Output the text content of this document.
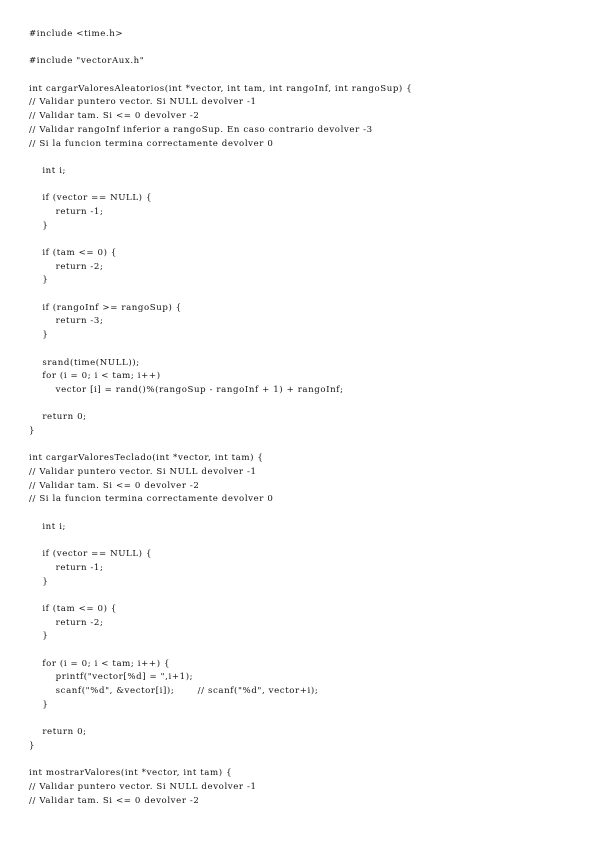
#include <time.h>
#include "vectorAux.h"
int cargarValoresAleatorios(int *vector, int tam, int rangoInf, int rangoSup) {
// Validar puntero vector. Si NULL devolver -1
// Validar tam. Si <= 0 devolver -2
// Validar rangoInf inferior a rangoSup. En caso contrario devolver -3
// Si la funcion termina correctamente devolver 0
int i;
if (vector == NULL) {
return -1;
}
if (tam <= 0) {
return -2;
}
if (rangoInf >= rangoSup) {
return -3;
}
srand(time(NULL));
for (i = 0; i < tam; i++)
vector [i] = rand()%(rangoSup - rangoInf + 1) + rangoInf;
return 0;
}
int cargarValoresTeclado(int *vector, int tam) {
// Validar puntero vector. Si NULL devolver -1
// Validar tam. Si <= 0 devolver -2
// Si la funcion termina correctamente devolver 0
int i;
if (vector == NULL) {
return -1;
}
if (tam <= 0) {
return -2;
}
for (i = 0; i < tam; i++) {
printf("vector[%d] = ",i+1);
scanf("%d", &vector[i]);       // scanf("%d", vector+i);
}
return 0;
}
int mostrarValores(int *vector, int tam) {
// Validar puntero vector. Si NULL devolver -1
// Validar tam. Si <= 0 devolver -2
